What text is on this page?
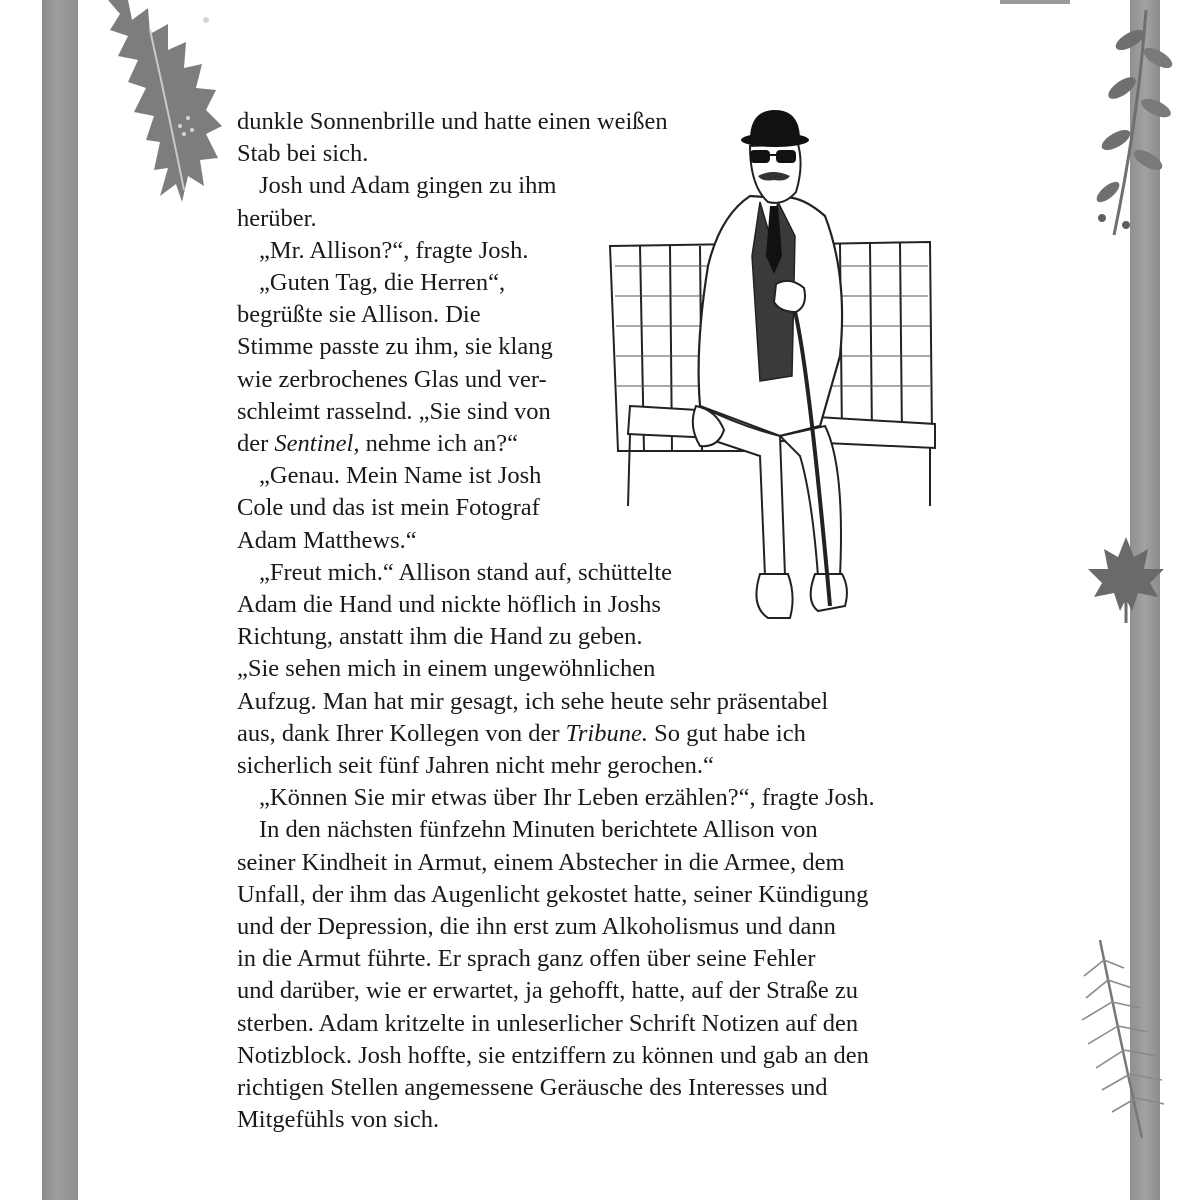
dunkle Sonnenbrille und hatte einen weißen
Stab bei sich.
Josh und Adam gingen zu ihm
herüber.
„Mr. Allison?“, fragte Josh.
„Guten Tag, die Herren“,
begrüßte sie Allison. Die
Stimme passte zu ihm, sie klang
wie zerbrochenes Glas und ver-
schleimt rasselnd. „Sie sind von
der Sentinel, nehme ich an?“
„Genau. Mein Name ist Josh
Cole und das ist mein Fotograf
Adam Matthews.“
„Freut mich.“ Allison stand auf, schüttelte
Adam die Hand und nickte höflich in Joshs
Richtung, anstatt ihm die Hand zu geben.
„Sie sehen mich in einem ungewöhnlichen
Aufzug. Man hat mir gesagt, ich sehe heute sehr präsentabel
aus, dank Ihrer Kollegen von der Tribune. So gut habe ich
sicherlich seit fünf Jahren nicht mehr gerochen.“
„Können Sie mir etwas über Ihr Leben erzählen?“, fragte Josh.
In den nächsten fünfzehn Minuten berichtete Allison von
seiner Kindheit in Armut, einem Abstecher in die Armee, dem
Unfall, der ihm das Augenlicht gekostet hatte, seiner Kündigung
und der Depression, die ihn erst zum Alkoholismus und dann
in die Armut führte. Er sprach ganz offen über seine Fehler
und darüber, wie er erwartet, ja gehofft, hatte, auf der Straße zu
sterben. Adam kritzelte in unleserlicher Schrift Notizen auf den
Notizblock. Josh hoffte, sie entziffern zu können und gab an den
richtigen Stellen angemessene Geräusche des Interesses und
Mitgefühls von sich.
